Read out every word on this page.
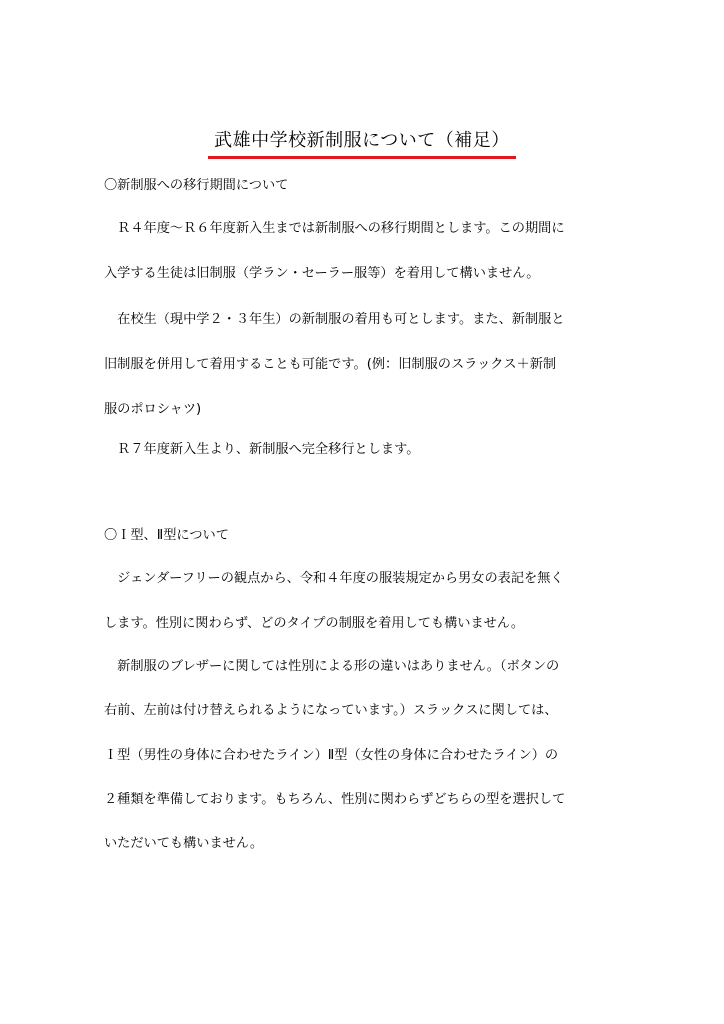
武雄中学校新制服について（補足）
〇新制服への移行期間について
　Ｒ４年度～Ｒ６年度新入生までは新制服への移行期間とします。この期間に
入学する生徒は旧制服（学ラン・セーラー服等）を着用して構いません。
　在校生（現中学２・３年生）の新制服の着用も可とします。また、新制服と
旧制服を併用して着用することも可能です。(例：旧制服のスラックス＋新制
服のポロシャツ)
　Ｒ７年度新入生より、新制服へ完全移行とします。
〇Ｉ型、Ⅱ型について
　ジェンダーフリーの観点から、令和４年度の服装規定から男女の表記を無く
します。性別に関わらず、どのタイプの制服を着用しても構いません。
　新制服のブレザーに関しては性別による形の違いはありません。（ボタンの
右前、左前は付け替えられるようになっています。）スラックスに関しては、
Ｉ型（男性の身体に合わせたライン）Ⅱ型（女性の身体に合わせたライン）の
２種類を準備しております。もちろん、性別に関わらずどちらの型を選択して
いただいても構いません。
